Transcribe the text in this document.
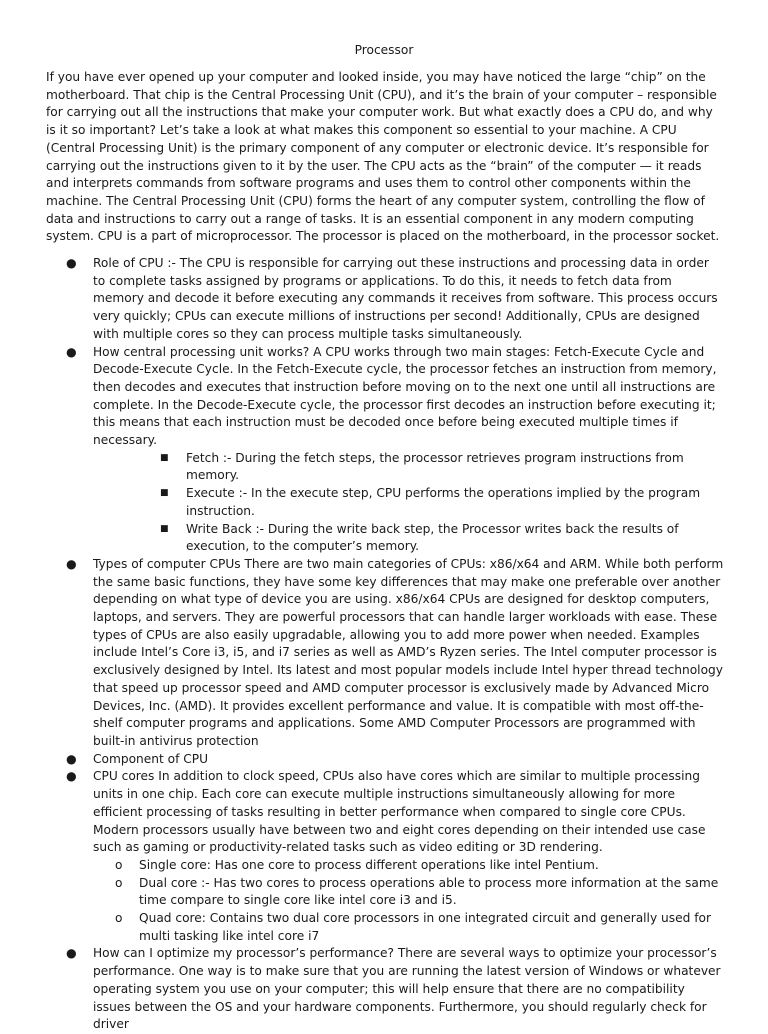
Processor

If you have ever opened up your computer and looked inside, you may have noticed the large “chip” on the motherboard. That chip is the Central Processing Unit (CPU), and it’s the brain of your computer – responsible for carrying out all the instructions that make your computer work. But what exactly does a CPU do, and why is it so important? Let’s take a look at what makes this component so essential to your machine. A CPU (Central Processing Unit) is the primary component of any computer or electronic device. It’s responsible for carrying out the instructions given to it by the user. The CPU acts as the “brain” of the computer — it reads and interprets commands from software programs and uses them to control other components within the machine. The Central Processing Unit (CPU) forms the heart of any computer system, controlling the flow of data and instructions to carry out a range of tasks. It is an essential component in any modern computing system. CPU is a part of microprocessor. The processor is placed on the motherboard, in the processor socket.

● Role of CPU :- The CPU is responsible for carrying out these instructions and processing data in order to complete tasks assigned by programs or applications. To do this, it needs to fetch data from memory and decode it before executing any commands it receives from software. This process occurs very quickly; CPUs can execute millions of instructions per second! Additionally, CPUs are designed with multiple cores so they can process multiple tasks simultaneously.
● How central processing unit works? A CPU works through two main stages: Fetch-Execute Cycle and Decode-Execute Cycle. In the Fetch-Execute cycle, the processor fetches an instruction from memory, then decodes and executes that instruction before moving on to the next one until all instructions are complete. In the Decode-Execute cycle, the processor first decodes an instruction before executing it; this means that each instruction must be decoded once before being executed multiple times if necessary.
■ Fetch :- During the fetch steps, the processor retrieves program instructions from memory.
■ Execute :- In the execute step, CPU performs the operations implied by the program instruction.
■ Write Back :- During the write back step, the Processor writes back the results of execution, to the computer’s memory.
● Types of computer CPUs There are two main categories of CPUs: x86/x64 and ARM. While both perform the same basic functions, they have some key differences that may make one preferable over another depending on what type of device you are using. x86/x64 CPUs are designed for desktop computers, laptops, and servers. They are powerful processors that can handle larger workloads with ease. These types of CPUs are also easily upgradable, allowing you to add more power when needed. Examples include Intel’s Core i3, i5, and i7 series as well as AMD’s Ryzen series. The Intel computer processor is exclusively designed by Intel. Its latest and most popular models include Intel hyper thread technology that speed up processor speed and AMD computer processor is exclusively made by Advanced Micro Devices, Inc. (AMD). It provides excellent performance and value. It is compatible with most off-the- shelf computer programs and applications. Some AMD Computer Processors are programmed with built-in antivirus protection
● Component of CPU
● CPU cores In addition to clock speed, CPUs also have cores which are similar to multiple processing units in one chip. Each core can execute multiple instructions simultaneously allowing for more efficient processing of tasks resulting in better performance when compared to single core CPUs. Modern processors usually have between two and eight cores depending on their intended use case such as gaming or productivity-related tasks such as video editing or 3D rendering.
o Single core: Has one core to process different operations like intel Pentium.
o Dual core :- Has two cores to process operations able to process more information at the same time compare to single core like intel core i3 and i5.
o Quad core: Contains two dual core processors in one integrated circuit and generally used for multi tasking like intel core i7
● How can I optimize my processor’s performance? There are several ways to optimize your processor’s performance. One way is to make sure that you are running the latest version of Windows or whatever operating system you use on your computer; this will help ensure that there are no compatibility issues between the OS and your hardware components. Furthermore, you should regularly check for driver
